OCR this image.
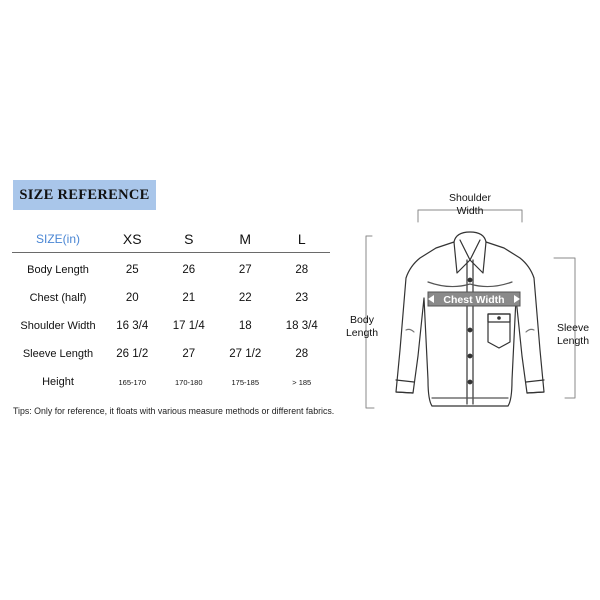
SIZE REFERENCE
SIZE(in)	XS	S	M	L
Body Length	25	26	27	28
Chest (half)	20	21	22	23
Shoulder Width	16 3/4	17 1/4	18	18 3/4
Sleeve Length	26 1/2	27	27 1/2	28
Height	165-170	170-180	175-185	> 185
Tips: Only for reference, it floats with various measure methods or different fabrics.
Chest Width
Shoulder
Width
Body
Length	Sleeve
Length
